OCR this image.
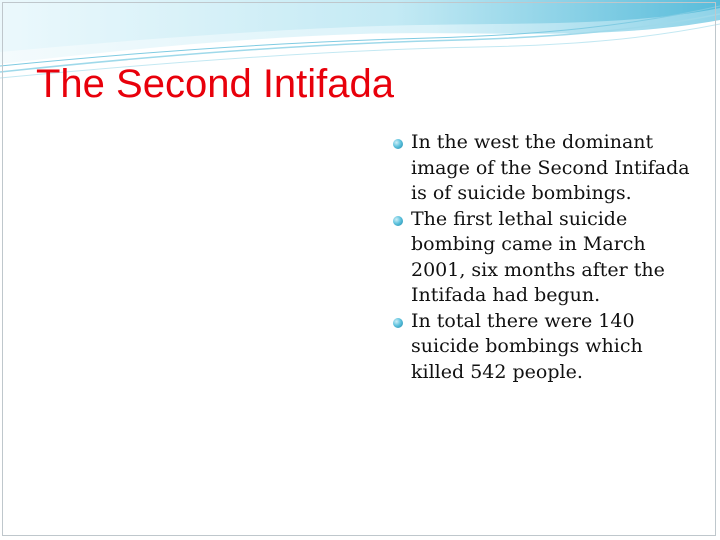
The Second Intifada
In the west the dominant image of the Second Intifada is of suicide bombings.
The first lethal suicide bombing came in March 2001, six months after the Intifada had begun.
In total there were 140 suicide bombings which killed 542 people.
